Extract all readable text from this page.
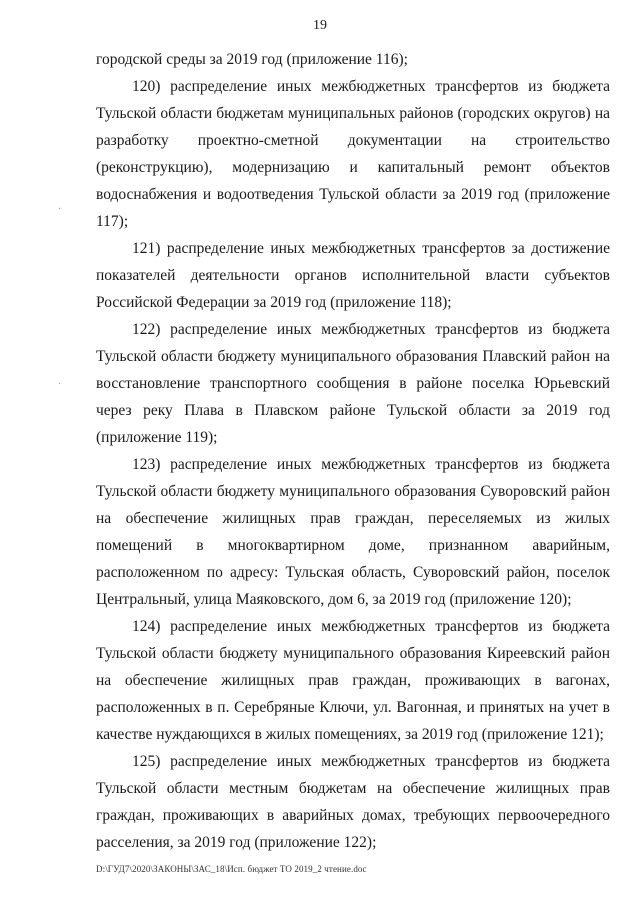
19

городской среды за 2019 год (приложение 116);

120) распределение иных межбюджетных трансфертов из бюджета Тульской области бюджетам муниципальных районов (городских округов) на разработку проектно-сметной документации на строительство (реконструкцию), модернизацию и капитальный ремонт объектов водоснабжения и водоотведения Тульской области за 2019 год (приложение 117);

121) распределение иных межбюджетных трансфертов за достижение показателей деятельности органов исполнительной власти субъектов Российской Федерации за 2019 год (приложение 118);

122) распределение иных межбюджетных трансфертов из бюджета Тульской области бюджету муниципального образования Плавский район на восстановление транспортного сообщения в районе поселка Юрьевский через реку Плава в Плавском районе Тульской области за 2019 год (приложение 119);

123) распределение иных межбюджетных трансфертов из бюджета Тульской области бюджету муниципального образования Суворовский район на обеспечение жилищных прав граждан, переселяемых из жилых помещений в многоквартирном доме, признанном аварийным, расположенном по адресу: Тульская область, Суворовский район, поселок Центральный, улица Маяковского, дом 6, за 2019 год (приложение 120);

124) распределение иных межбюджетных трансфертов из бюджета Тульской области бюджету муниципального образования Киреевский район на обеспечение жилищных прав граждан, проживающих в вагонах, расположенных в п. Серебряные Ключи, ул. Вагонная, и принятых на учет в качестве нуждающихся в жилых помещениях, за 2019 год (приложение 121);

125) распределение иных межбюджетных трансфертов из бюджета Тульской области местным бюджетам на обеспечение жилищных прав граждан, проживающих в аварийных домах, требующих первоочередного расселения, за 2019 год (приложение 122);

·
·
D:\ГУД7\2020\ЗАКОНЫ\ЗАС_18\Исп. бюджет ТО 2019_2 чтение.doc
